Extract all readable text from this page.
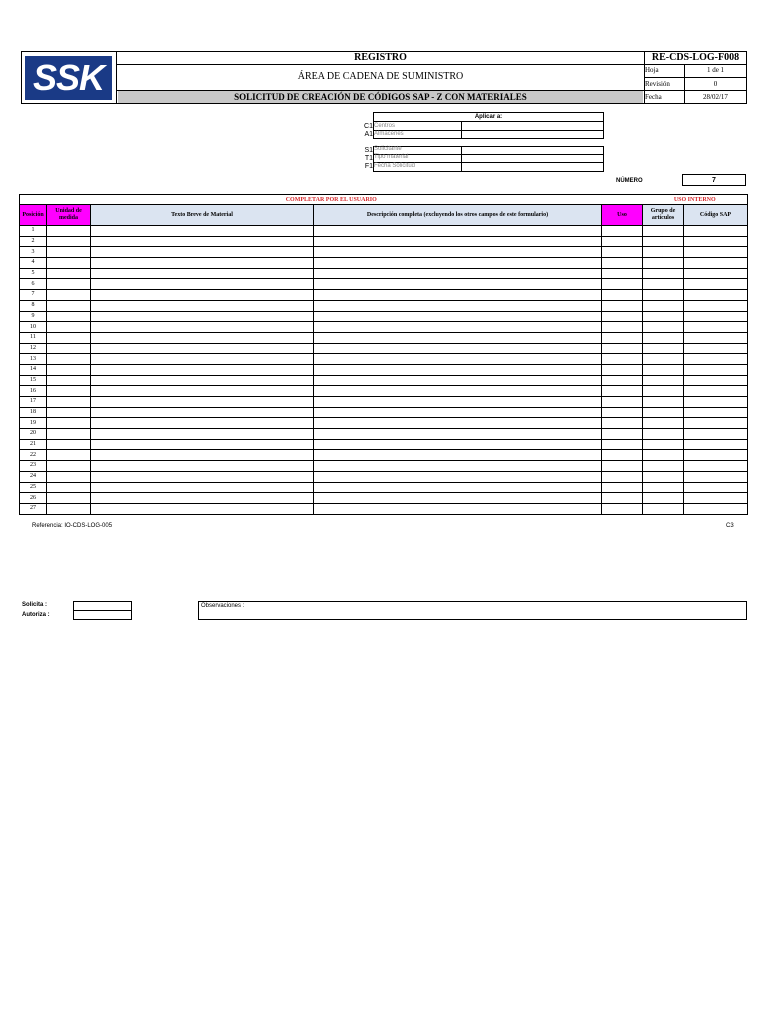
SSK	REGISTRO
ÁREA DE CADENA DE SUMINISTRO
SOLICITUD DE CREACIÓN DE CÓDIGOS SAP - Z CON MATERIALES
RE-CDS-LOG-F008
Hoja	1 de 1
Revisión	0
Fecha	28/02/17
Aplicar a:
C1 Centros
A1 Almacenes
S1 Solicitante
T1 Tipo material
F1 Fecha Solicitud
NÚMERO	7
COMPLETAR POR EL USUARIO					USO INTERNO	
Posición	Unidad de medida	Texto Breve de Material	Descripción completa (excluyendo los otros campos de este formulario)	Uso	Grupo de artículos	Código SAP
1						
2						
3						
4						
5						
6						
7						
8						
9						
10						
11						
12						
13						
14						
15						
16						
17						
18						
19						
20						
21						
22						
23						
24						
25						
26						
27						
Referencia: IO-CDS-LOG-005	C3
Solicita :
Autoriza :
Observaciones :
